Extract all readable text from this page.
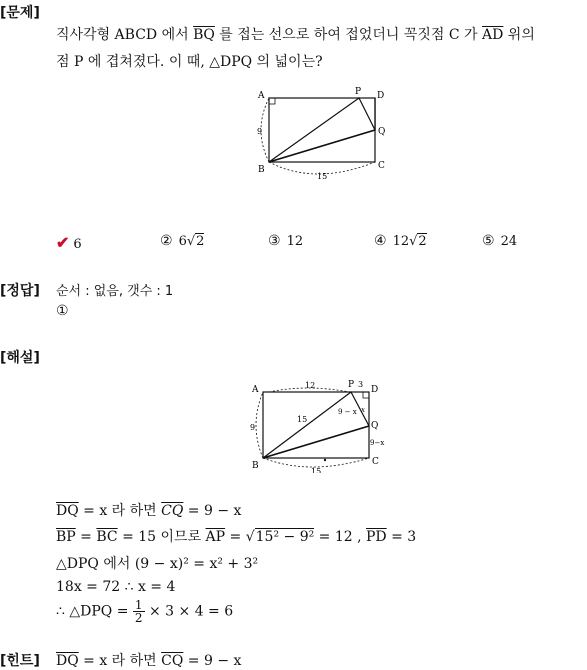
[문제]
직사각형 ABCD 에서 $\overline{BQ}$ 를 접는 선으로 하여 접었더니 꼭짓점 C 가 $\overline{AD}$ 위의
점 P 에 겹쳐졌다. 이 때, △DPQ 의 넓이는?
A	P D
Q
B	C
9
15
✔ 6	② 6√2	③ 12	④ 12√2	⑤ 24
[정답] 순서 : 없음, 갯수 : 1
①
[해설]
A	P 3
D
Q
B	C
12
9
15
15
9 − x
9−x
x
$\overline{DQ} = x$ 라 하면 $\overline{CQ} = 9 - x$
$\overline{BP} = \overline{BC} = 15$ 이므로 $\overline{AP} = √15^2 - 9^2 = 12$ , $\overline{PD} = 3$
△DPQ 에서 (9 − x)² = x² + 3²
18x = 72 ∴ x = 4
∴ △DPQ = $\frac{1}{2} \times 3 \times 4 = 6$
[힌트] $\overline{DQ} = x$ 라 하면 $\overline{CQ} = 9 - x$
